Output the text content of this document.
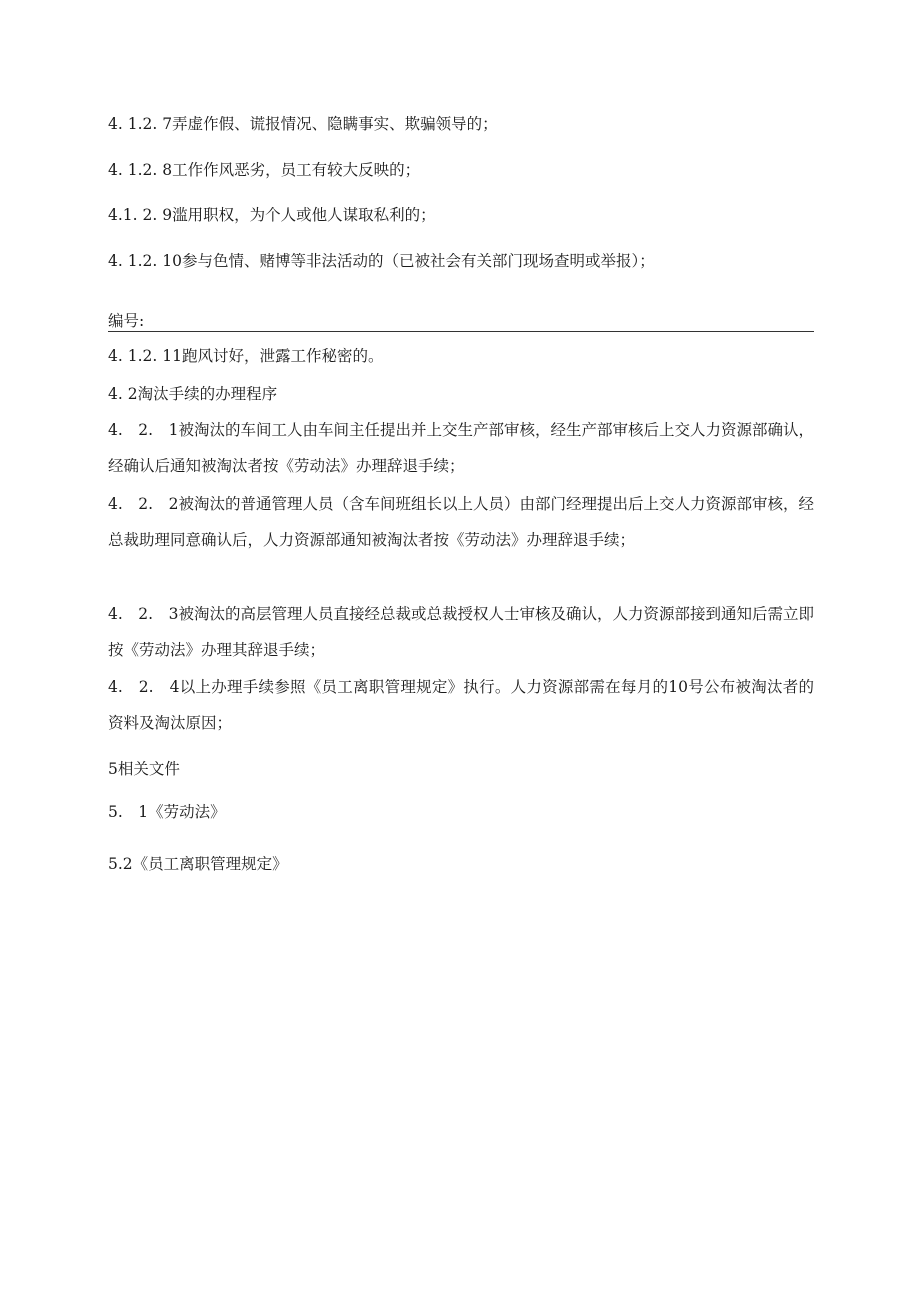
4. 1.2. 7弄虚作假、谎报情况、隐瞒事实、欺骗领导的；

4. 1.2. 8工作作风恶劣，员工有较大反映的；

4.1. 2. 9滥用职权，为个人或他人谋取私利的；

4. 1.2. 10参与色情、赌博等非法活动的（已被社会有关部门现场查明或举报）；

编号:

4. 1.2. 11跑风讨好，泄露工作秘密的。

4. 2淘汰手续的办理程序

4.　2.　1被淘汰的车间工人由车间主任提出并上交生产部审核，经生产部审核后上交人力资源部确认，经确认后通知被淘汰者按《劳动法》办理辞退手续；

4.　2.　2被淘汰的普通管理人员（含车间班组长以上人员）由部门经理提出后上交人力资源部审核，经总裁助理同意确认后，人力资源部通知被淘汰者按《劳动法》办理辞退手续；

4.　2.　3被淘汰的高层管理人员直接经总裁或总裁授权人士审核及确认，人力资源部接到通知后需立即按《劳动法》办理其辞退手续；

4.　2.　4以上办理手续参照《员工离职管理规定》执行。人力资源部需在每月的10号公布被淘汰者的资料及淘汰原因；

5相关文件

5.　1《劳动法》

5.2《员工离职管理规定》
